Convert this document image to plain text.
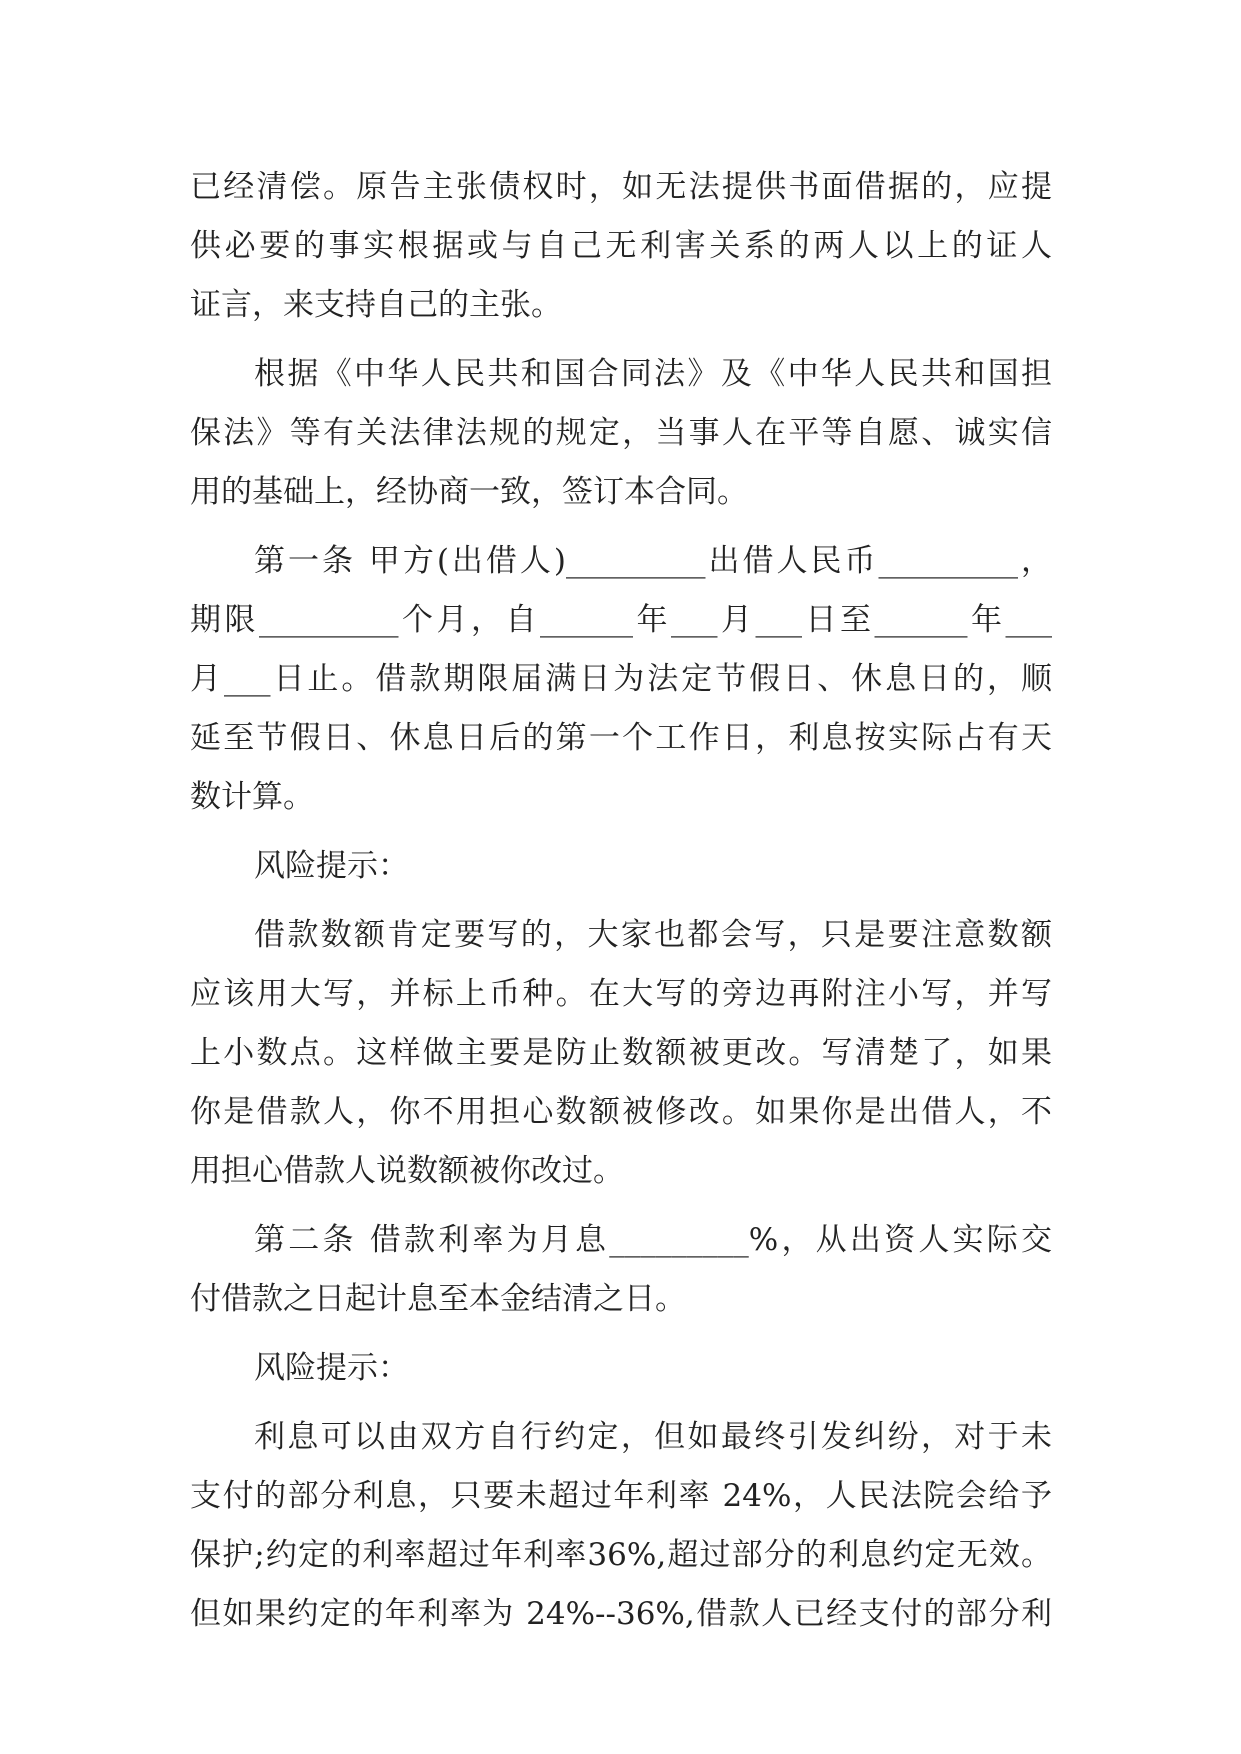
已经清偿。原告主张债权时，如无法提供书面借据的，应提
供必要的事实根据或与自己无利害关系的两人以上的证人
证言，来支持自己的主张。
根据《中华人民共和国合同法》及《中华人民共和国担
保法》等有关法律法规的规定，当事人在平等自愿、诚实信
用的基础上，经协商一致，签订本合同。
第一条 甲方(出借人)_________出借人民币_________，
期限_________个月，自______年___月___日至______年___
月___日止。借款期限届满日为法定节假日、休息日的，顺
延至节假日、休息日后的第一个工作日，利息按实际占有天
数计算。
风险提示：
借款数额肯定要写的，大家也都会写，只是要注意数额
应该用大写，并标上币种。在大写的旁边再附注小写，并写
上小数点。这样做主要是防止数额被更改。写清楚了，如果
你是借款人，你不用担心数额被修改。如果你是出借人，不
用担心借款人说数额被你改过。
第二条 借款利率为月息_________%，从出资人实际交
付借款之日起计息至本金结清之日。
风险提示：
利息可以由双方自行约定，但如最终引发纠纷，对于未
支付的部分利息，只要未超过年利率 24%，人民法院会给予
保护;约定的利率超过年利率36%,超过部分的利息约定无效。
但如果约定的年利率为 24%--36%,借款人已经支付的部分利
